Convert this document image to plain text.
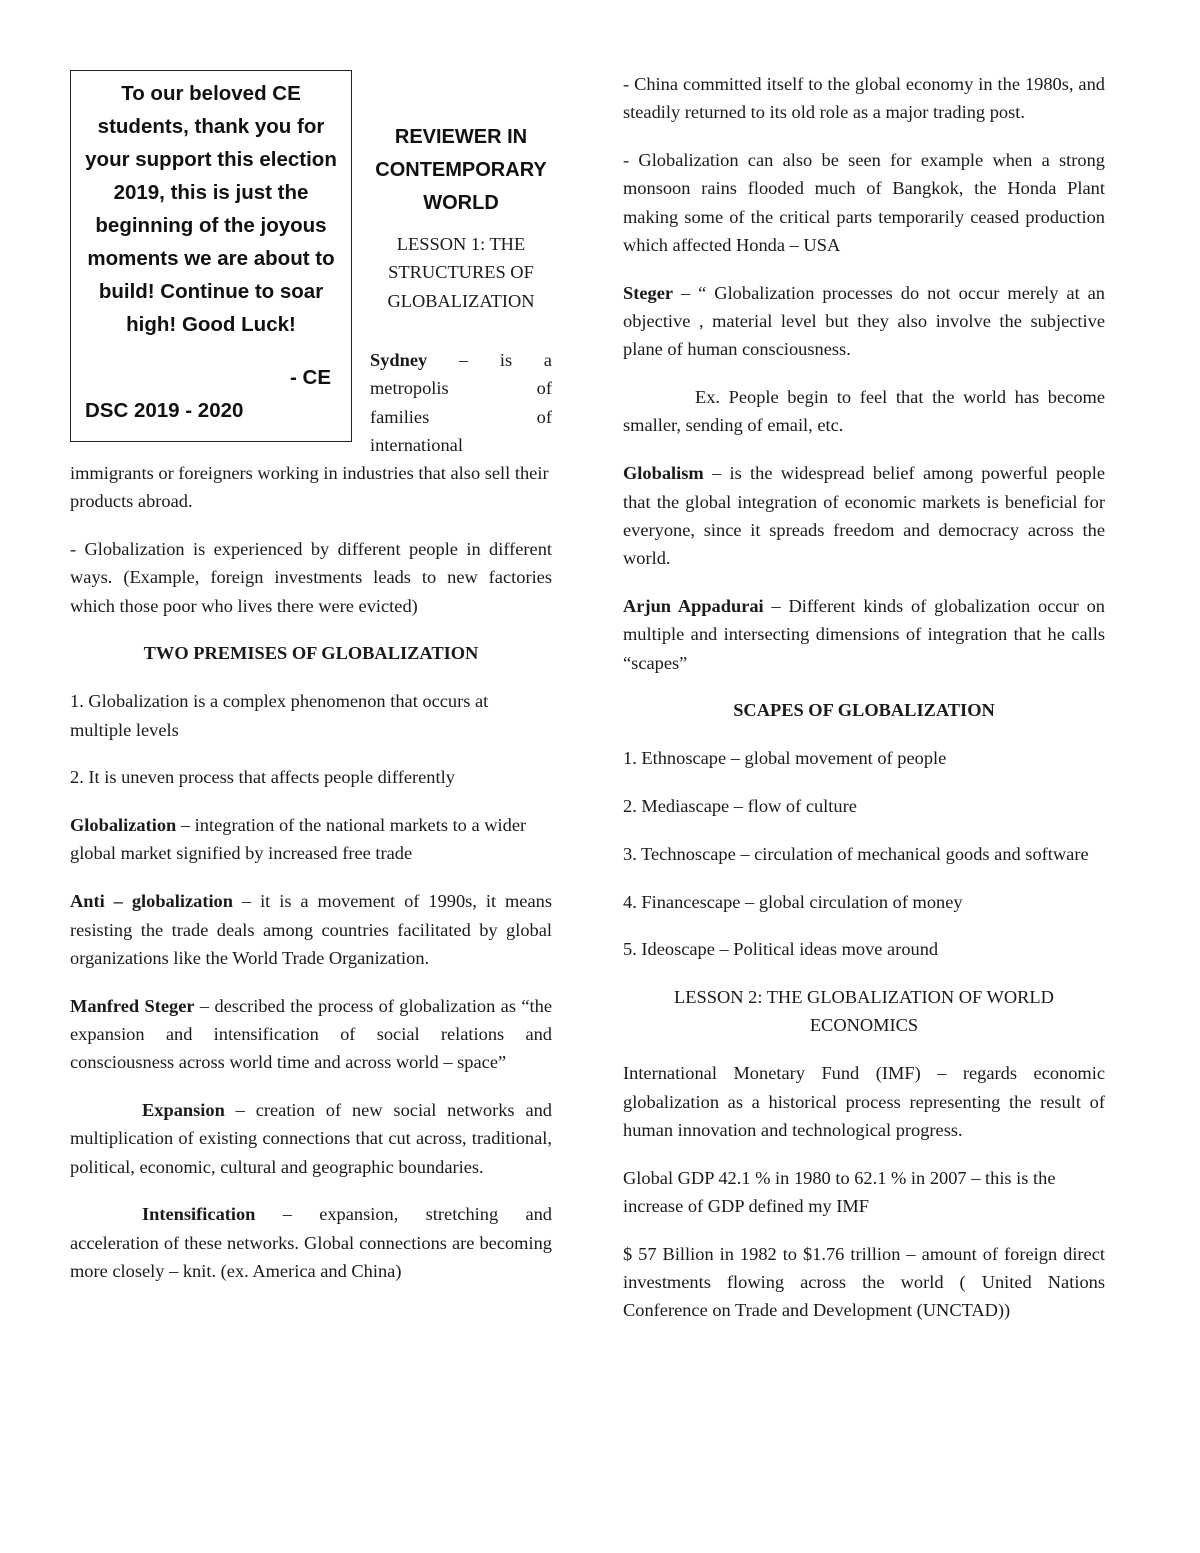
To our beloved CE students, thank you for your support this election 2019, this is just the beginning of the joyous moments we are about to build! Continue to soar high! Good Luck!
- CE
DSC 2019 - 2020
REVIEWER IN CONTEMPORARY WORLD
LESSON 1: THE STRUCTURES OF GLOBALIZATION
Sydney – is a
metropolis	of
families	of
international

immigrants or foreigners working in industries that also sell their products abroad.

- Globalization is experienced by different people in different ways. (Example, foreign investments leads to new factories which those poor who lives there were evicted)

TWO PREMISES OF GLOBALIZATION

1. Globalization is a complex phenomenon that occurs at multiple levels

2. It is uneven process that affects people differently

Globalization – integration of the national markets to a wider global market signified by increased free trade

Anti – globalization – it is a movement of 1990s, it means resisting the trade deals among countries facilitated by global organizations like the World Trade Organization.

Manfred Steger – described the process of globalization as “the expansion and intensification of social relations and consciousness across world time and across world – space”

Expansion – creation of new social networks and multiplication of existing connections that cut across, traditional, political, economic, cultural and geographic boundaries.

Intensification – expansion, stretching and acceleration of these networks. Global connections are becoming more closely – knit. (ex. America and China)

- China committed itself to the global economy in the 1980s, and steadily returned to its old role as a major trading post.

- Globalization can also be seen for example when a strong monsoon rains flooded much of Bangkok, the Honda Plant making some of the critical parts temporarily ceased production which affected Honda – USA

Steger – “ Globalization processes do not occur merely at an objective , material level but they also involve the subjective plane of human consciousness.

Ex. People begin to feel that the world has become smaller, sending of email, etc.

Globalism – is the widespread belief among powerful people that the global integration of economic markets is beneficial for everyone, since it spreads freedom and democracy across the world.

Arjun Appadurai – Different kinds of globalization occur on multiple and intersecting dimensions of integration that he calls “scapes”

SCAPES OF GLOBALIZATION

1. Ethnoscape – global movement of people

2. Mediascape – flow of culture

3. Technoscape – circulation of mechanical goods and software

4. Financescape – global circulation of money

5. Ideoscape – Political ideas move around

LESSON 2: THE GLOBALIZATION OF WORLD ECONOMICS

International Monetary Fund (IMF) – regards economic globalization as a historical process representing the result of human innovation and technological progress.

Global GDP 42.1 % in 1980 to 62.1 % in 2007 – this is the increase of GDP defined my IMF

$ 57 Billion in 1982 to $1.76 trillion – amount of foreign direct investments flowing across the world ( United Nations Conference on Trade and Development (UNCTAD))
